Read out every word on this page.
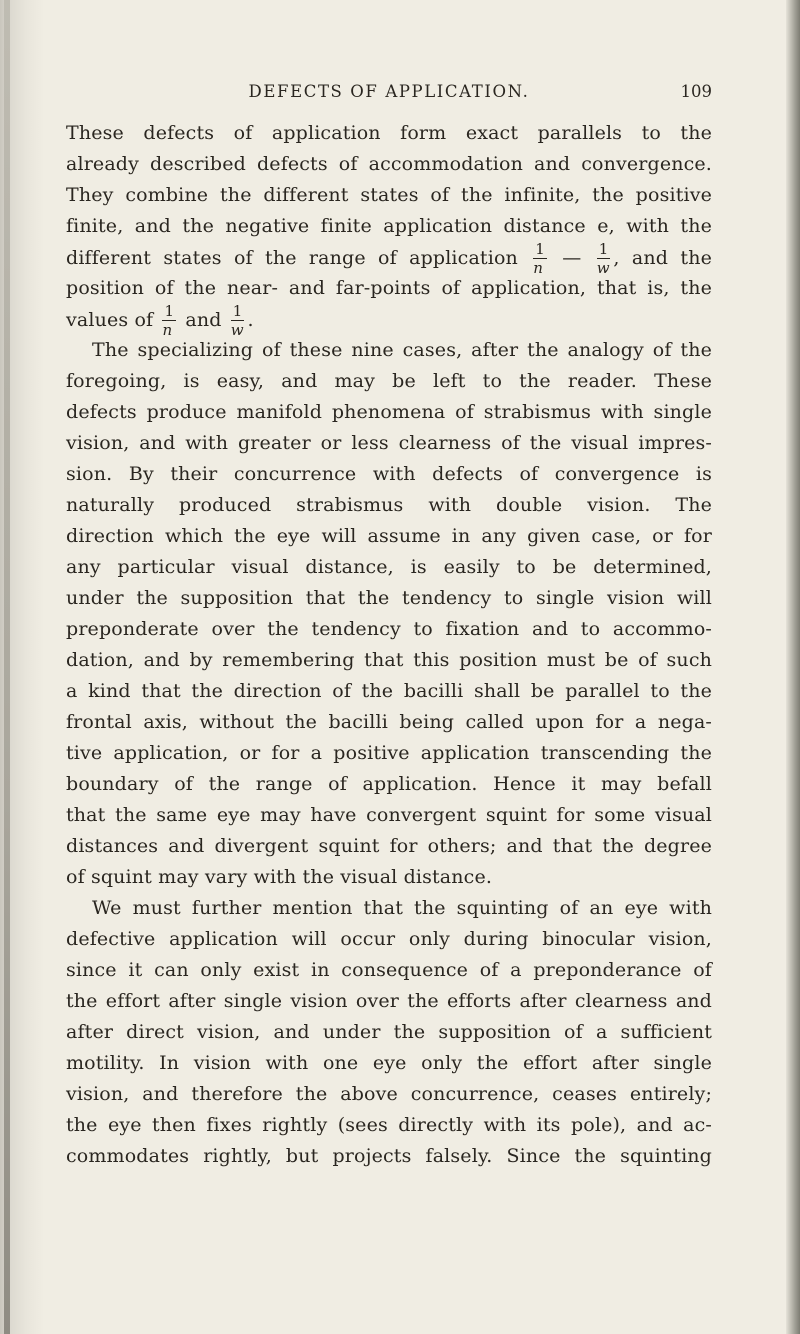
DEFECTS OF APPLICATION.	109

These defects of application form exact parallels to the

already described defects of accommodation and convergence.

They combine the different states of the infinite, the positive

finite, and the negative finite application distance e, with the

different states of the range of application $\frac{1}{n}$ — $\frac{1}{w}$ , and the

position of the near- and far-points of application, that is, the

values of $\frac{1}{n}$ and $\frac{1}{w}$ .

The specializing of these nine cases, after the analogy of the

foregoing, is easy, and may be left to the reader. These

defects produce manifold phenomena of strabismus with single

vision, and with greater or less clearness of the visual impres-

sion. By their concurrence with defects of convergence is

naturally produced strabismus with double vision. The

direction which the eye will assume in any given case, or for

any particular visual distance, is easily to be determined,

under the supposition that the tendency to single vision will

preponderate over the tendency to fixation and to accommo-

dation, and by remembering that this position must be of such

a kind that the direction of the bacilli shall be parallel to the

frontal axis, without the bacilli being called upon for a nega-

tive application, or for a positive application transcending the

boundary of the range of application. Hence it may befall

that the same eye may have convergent squint for some visual

distances and divergent squint for others; and that the degree

of squint may vary with the visual distance.

We must further mention that the squinting of an eye with

defective application will occur only during binocular vision,

since it can only exist in consequence of a preponderance of

the effort after single vision over the efforts after clearness and

after direct vision, and under the supposition of a sufficient

motility. In vision with one eye only the effort after single

vision, and therefore the above concurrence, ceases entirely;

the eye then fixes rightly (sees directly with its pole), and ac-

commodates rightly, but projects falsely. Since the squinting
